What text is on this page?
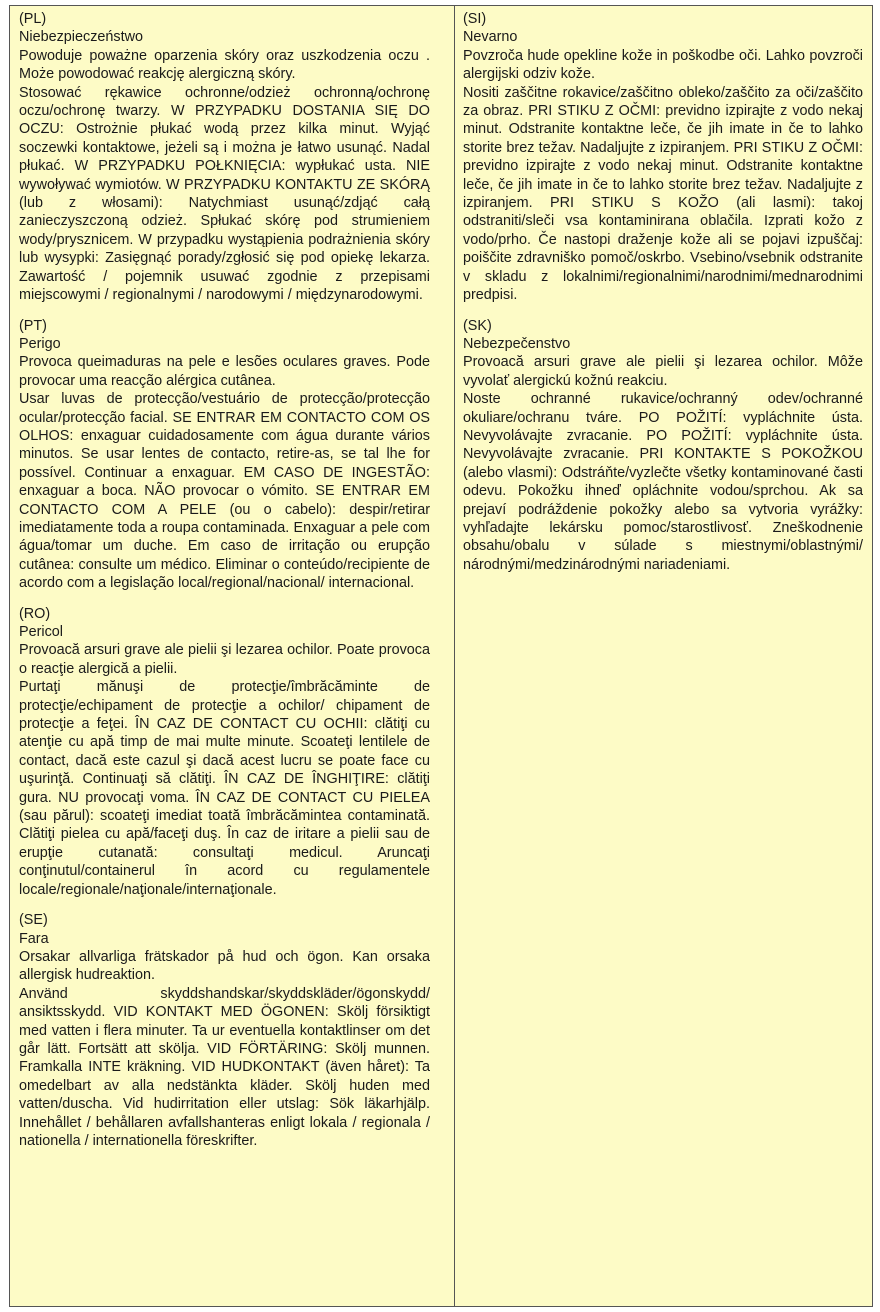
(PL)
Niebezpieczeństwo

Powoduje poważne oparzenia skóry oraz uszkodzenia oczu . Może powodować reakcję alergiczną skóry.

Stosować rękawice ochronne/odzież ochronną/ochronę oczu/ochronę twarzy. W PRZYPADKU DOSTANIA SIĘ DO OCZU: Ostrożnie płukać wodą przez kilka minut. Wyjąć soczewki kontaktowe, jeżeli są i można je łatwo usunąć. Nadal płukać. W PRZYPADKU POŁKNIĘCIA: wypłukać usta. NIE wywoływać wymiotów. W PRZYPADKU KONTAKTU ZE SKÓRĄ (lub z włosami): Natychmiast usunąć/zdjąć całą zanieczyszczoną odzież. Spłukać skórę pod strumieniem wody/prysznicem. W przypadku wystąpienia podrażnienia skóry lub wysypki: Zasięgnąć porady/zgłosić się pod opiekę lekarza. Zawartość / pojemnik usuwać zgodnie z przepisami miejscowymi / regionalnymi / narodowymi / międzynarodowymi.

(PT)
Perigo

Provoca queimaduras na pele e lesões oculares graves. Pode provocar uma reacção alérgica cutânea.

Usar luvas de protecção/vestuário de protecção/protecção ocular/protecção facial. SE ENTRAR EM CONTACTO COM OS OLHOS: enxaguar cuidadosamente com água durante vários minutos. Se usar lentes de contacto, retire-as, se tal lhe for possível. Continuar a enxaguar. EM CASO DE INGESTÃO: enxaguar a boca. NÃO provocar o vómito. SE ENTRAR EM CONTACTO COM A PELE (ou o cabelo): despir/retirar imediatamente toda a roupa contaminada. Enxaguar a pele com água/tomar um duche. Em caso de irritação ou erupção cutânea: consulte um médico. Eliminar o conteúdo/recipiente de acordo com a legislação local/regional/nacional/ internacional.

(RO)
Pericol

Provoacă arsuri grave ale pielii şi lezarea ochilor. Poate provoca o reacţie alergică a pielii.

Purtaţi mănuşi de protecţie/îmbrăcăminte de protecţie/echipament de protecţie a ochilor/ chipament de protecţie a feţei. ÎN CAZ DE CONTACT CU OCHII: clătiţi cu atenţie cu apă timp de mai multe minute. Scoateţi lentilele de contact, dacă este cazul şi dacă acest lucru se poate face cu uşurinţă. Continuaţi să clătiţi. ÎN CAZ DE ÎNGHIŢIRE: clătiţi gura. NU provocaţi voma. ÎN CAZ DE CONTACT CU PIELEA (sau părul): scoateţi imediat toată îmbrăcămintea contaminată. Clătiţi pielea cu apă/faceţi duş. În caz de iritare a pielii sau de erupţie cutanată: consultaţi medicul. Aruncaţi conţinutul/containerul în acord cu regulamentele locale/regionale/naţionale/internaţionale.

(SE)
Fara

Orsakar allvarliga frätskador på hud och ögon. Kan orsaka allergisk hudreaktion.

Använd skyddshandskar/skyddskläder/ögonskydd/ ansiktsskydd. VID KONTAKT MED ÖGONEN: Skölj försiktigt med vatten i flera minuter. Ta ur eventuella kontaktlinser om det går lätt. Fortsätt att skölja. VID FÖRTÄRING: Skölj munnen. Framkalla INTE kräkning. VID HUDKONTAKT (även håret): Ta omedelbart av alla nedstänkta kläder. Skölj huden med vatten/duscha. Vid hudirritation eller utslag: Sök läkarhjälp. Innehållet / behållaren avfallshanteras enligt lokala / regionala / nationella / internationella föreskrifter.

(SI)
Nevarno

Povzroča hude opekline kože in poškodbe oči. Lahko povzroči alergijski odziv kože.

Nositi zaščitne rokavice/zaščitno obleko/zaščito za oči/zaščito za obraz. PRI STIKU Z OČMI: previdno izpirajte z vodo nekaj minut. Odstranite kontaktne leče, če jih imate in če to lahko storite brez težav. Nadaljujte z izpiranjem. PRI STIKU Z OČMI: previdno izpirajte z vodo nekaj minut. Odstranite kontaktne leče, če jih imate in če to lahko storite brez težav. Nadaljujte z izpiranjem. PRI STIKU S KOŽO (ali lasmi): takoj odstraniti/sleči vsa kontaminirana oblačila. Izprati kožo z vodo/prho. Če nastopi draženje kože ali se pojavi izpuščaj: poiščite zdravniško pomoč/oskrbo. Vsebino/vsebnik odstranite v skladu z lokalnimi/regionalnimi/narodnimi/mednarodnimi predpisi.

(SK)
Nebezpečenstvo

Provoacă arsuri grave ale pielii şi lezarea ochilor. Môže vyvolať alergickú kožnú reakciu.

Noste ochranné rukavice/ochranný odev/ochranné okuliare/ochranu tváre. PO POŽITÍ: vypláchnite ústa. Nevyvolávajte zvracanie. PO POŽITÍ: vypláchnite ústa. Nevyvolávajte zvracanie. PRI KONTAKTE S POKOŽKOU (alebo vlasmi): Odstráňte/vyzlečte všetky kontaminované časti odevu. Pokožku ihneď opláchnite vodou/sprchou. Ak sa prejaví podráždenie pokožky alebo sa vytvoria vyrážky: vyhľadajte lekársku pomoc/starostlivosť. Zneškodnenie obsahu/obalu v súlade s miestnymi/oblastnými/ národnými/medzinárodnými nariadeniami.
